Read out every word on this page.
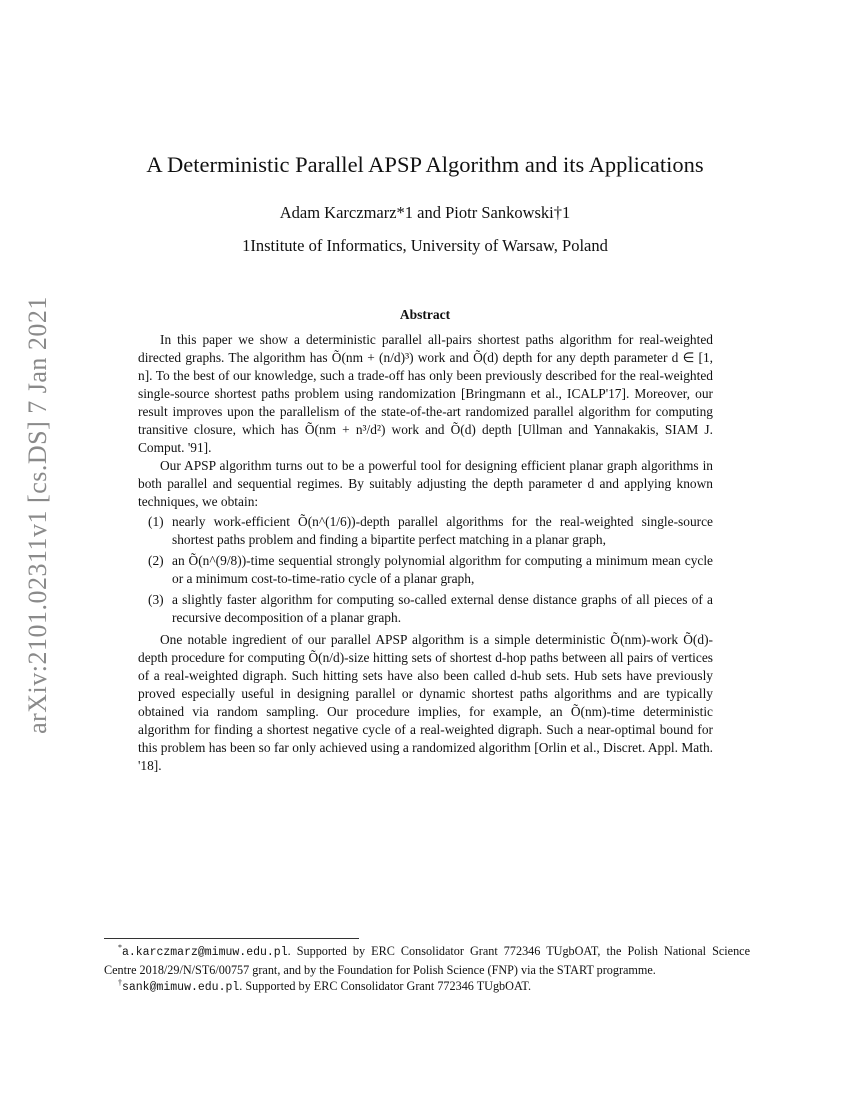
arXiv:2101.02311v1 [cs.DS] 7 Jan 2021
A Deterministic Parallel APSP Algorithm and its Applications
Adam Karczmarz*1 and Piotr Sankowski†1
1Institute of Informatics, University of Warsaw, Poland
Abstract

In this paper we show a deterministic parallel all-pairs shortest paths algorithm for real-weighted directed graphs. The algorithm has Õ(nm + (n/d)³) work and Õ(d) depth for any depth parameter d ∈ [1, n]. To the best of our knowledge, such a trade-off has only been previously described for the real-weighted single-source shortest paths problem using randomization [Bringmann et al., ICALP'17]. Moreover, our result improves upon the parallelism of the state-of-the-art randomized parallel algorithm for computing transitive closure, which has Õ(nm + n³/d²) work and Õ(d) depth [Ullman and Yannakakis, SIAM J. Comput. '91].

Our APSP algorithm turns out to be a powerful tool for designing efficient planar graph algorithms in both parallel and sequential regimes. By suitably adjusting the depth parameter d and applying known techniques, we obtain:

(1) nearly work-efficient Õ(n^(1/6))-depth parallel algorithms for the real-weighted single-source shortest paths problem and finding a bipartite perfect matching in a planar graph,
(2) an Õ(n^(9/8))-time sequential strongly polynomial algorithm for computing a minimum mean cycle or a minimum cost-to-time-ratio cycle of a planar graph,
(3) a slightly faster algorithm for computing so-called external dense distance graphs of all pieces of a recursive decomposition of a planar graph.

One notable ingredient of our parallel APSP algorithm is a simple deterministic Õ(nm)-work Õ(d)-depth procedure for computing Õ(n/d)-size hitting sets of shortest d-hop paths between all pairs of vertices of a real-weighted digraph. Such hitting sets have also been called d-hub sets. Hub sets have previously proved especially useful in designing parallel or dynamic shortest paths algorithms and are typically obtained via random sampling. Our procedure implies, for example, an Õ(nm)-time deterministic algorithm for finding a shortest negative cycle of a real-weighted digraph. Such a near-optimal bound for this problem has been so far only achieved using a randomized algorithm [Orlin et al., Discret. Appl. Math. '18].

*a.karczmarz@mimuw.edu.pl. Supported by ERC Consolidator Grant 772346 TUgbOAT, the Polish National Science Centre 2018/29/N/ST6/00757 grant, and by the Foundation for Polish Science (FNP) via the START programme.

†sank@mimuw.edu.pl. Supported by ERC Consolidator Grant 772346 TUgbOAT.
